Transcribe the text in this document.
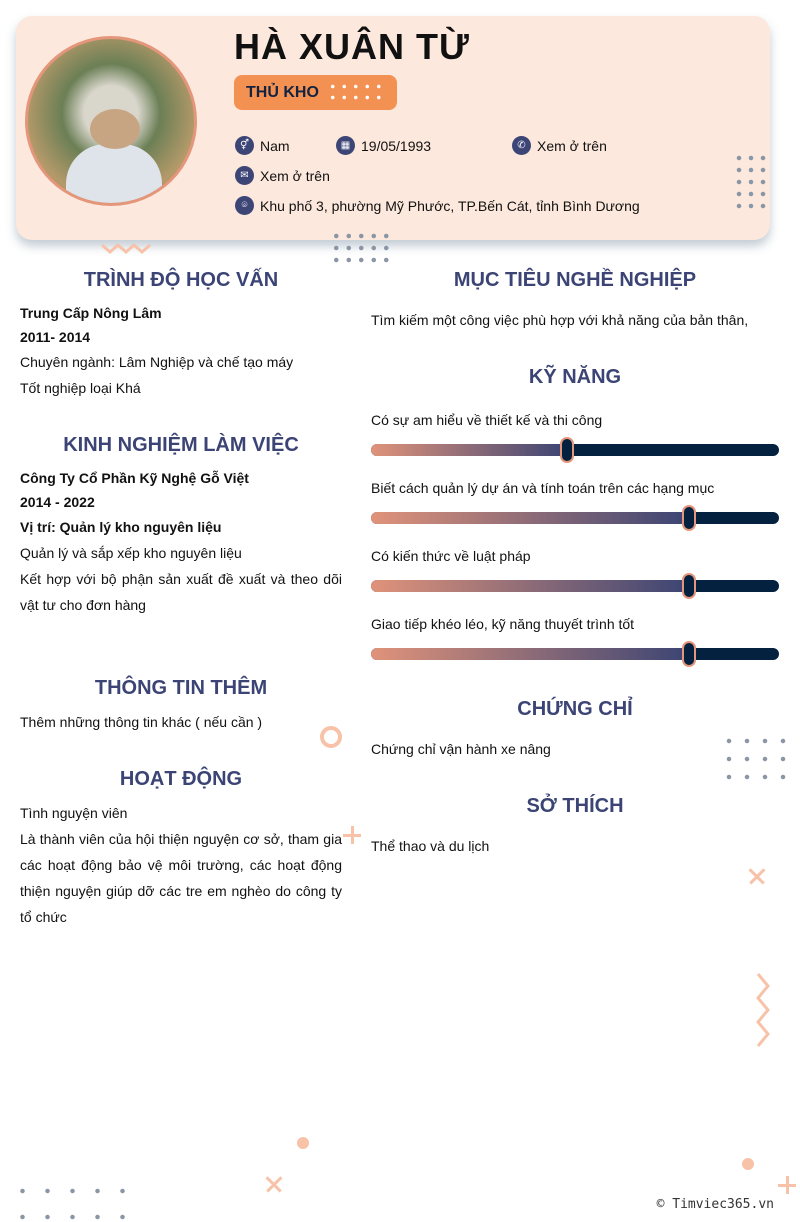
HÀ XUÂN TỪ
THỦ KHO
⚥ Nam	▦ 19/05/1993	✆ Xem ở trên
✉ Xem ở trên
⌾ Khu phố 3, phường Mỹ Phước, TP.Bến Cát, tỉnh Bình Dương
TRÌNH ĐỘ HỌC VẤN
Trung Cấp Nông Lâm
2011- 2014
Chuyên ngành: Lâm Nghiệp và chế tạo máy
Tốt nghiệp loại Khá
KINH NGHIỆM LÀM VIỆC
Công Ty Cổ Phần Kỹ Nghệ Gỗ Việt
2014 - 2022
Vị trí: Quản lý kho nguyên liệu
Quản lý và sắp xếp kho nguyên liệu
Kết hợp với bộ phận sản xuất đề xuất và theo dõi vật tư cho đơn hàng
THÔNG TIN THÊM
Thêm những thông tin khác ( nếu cần )
HOẠT ĐỘNG
Tình nguyện viên
Là thành viên của hội thiện nguyện cơ sở, tham gia các hoạt động bảo vệ môi trường, các hoạt động thiện nguyện giúp dỡ các tre em nghèo do công ty tổ chức
MỤC TIÊU NGHỀ NGHIỆP
Tìm kiếm một công việc phù hợp với khả năng của bản thân,
KỸ NĂNG
Có sự am hiểu về thiết kế và thi công
Biết cách quản lý dự án và tính toán trên các hạng mục
Có kiến thức về luật pháp
Giao tiếp khéo léo, kỹ năng thuyết trình tốt
CHỨNG CHỈ
Chứng chỉ vận hành xe nâng
SỞ THÍCH
Thể thao và du lịch
© Timviec365.vn
